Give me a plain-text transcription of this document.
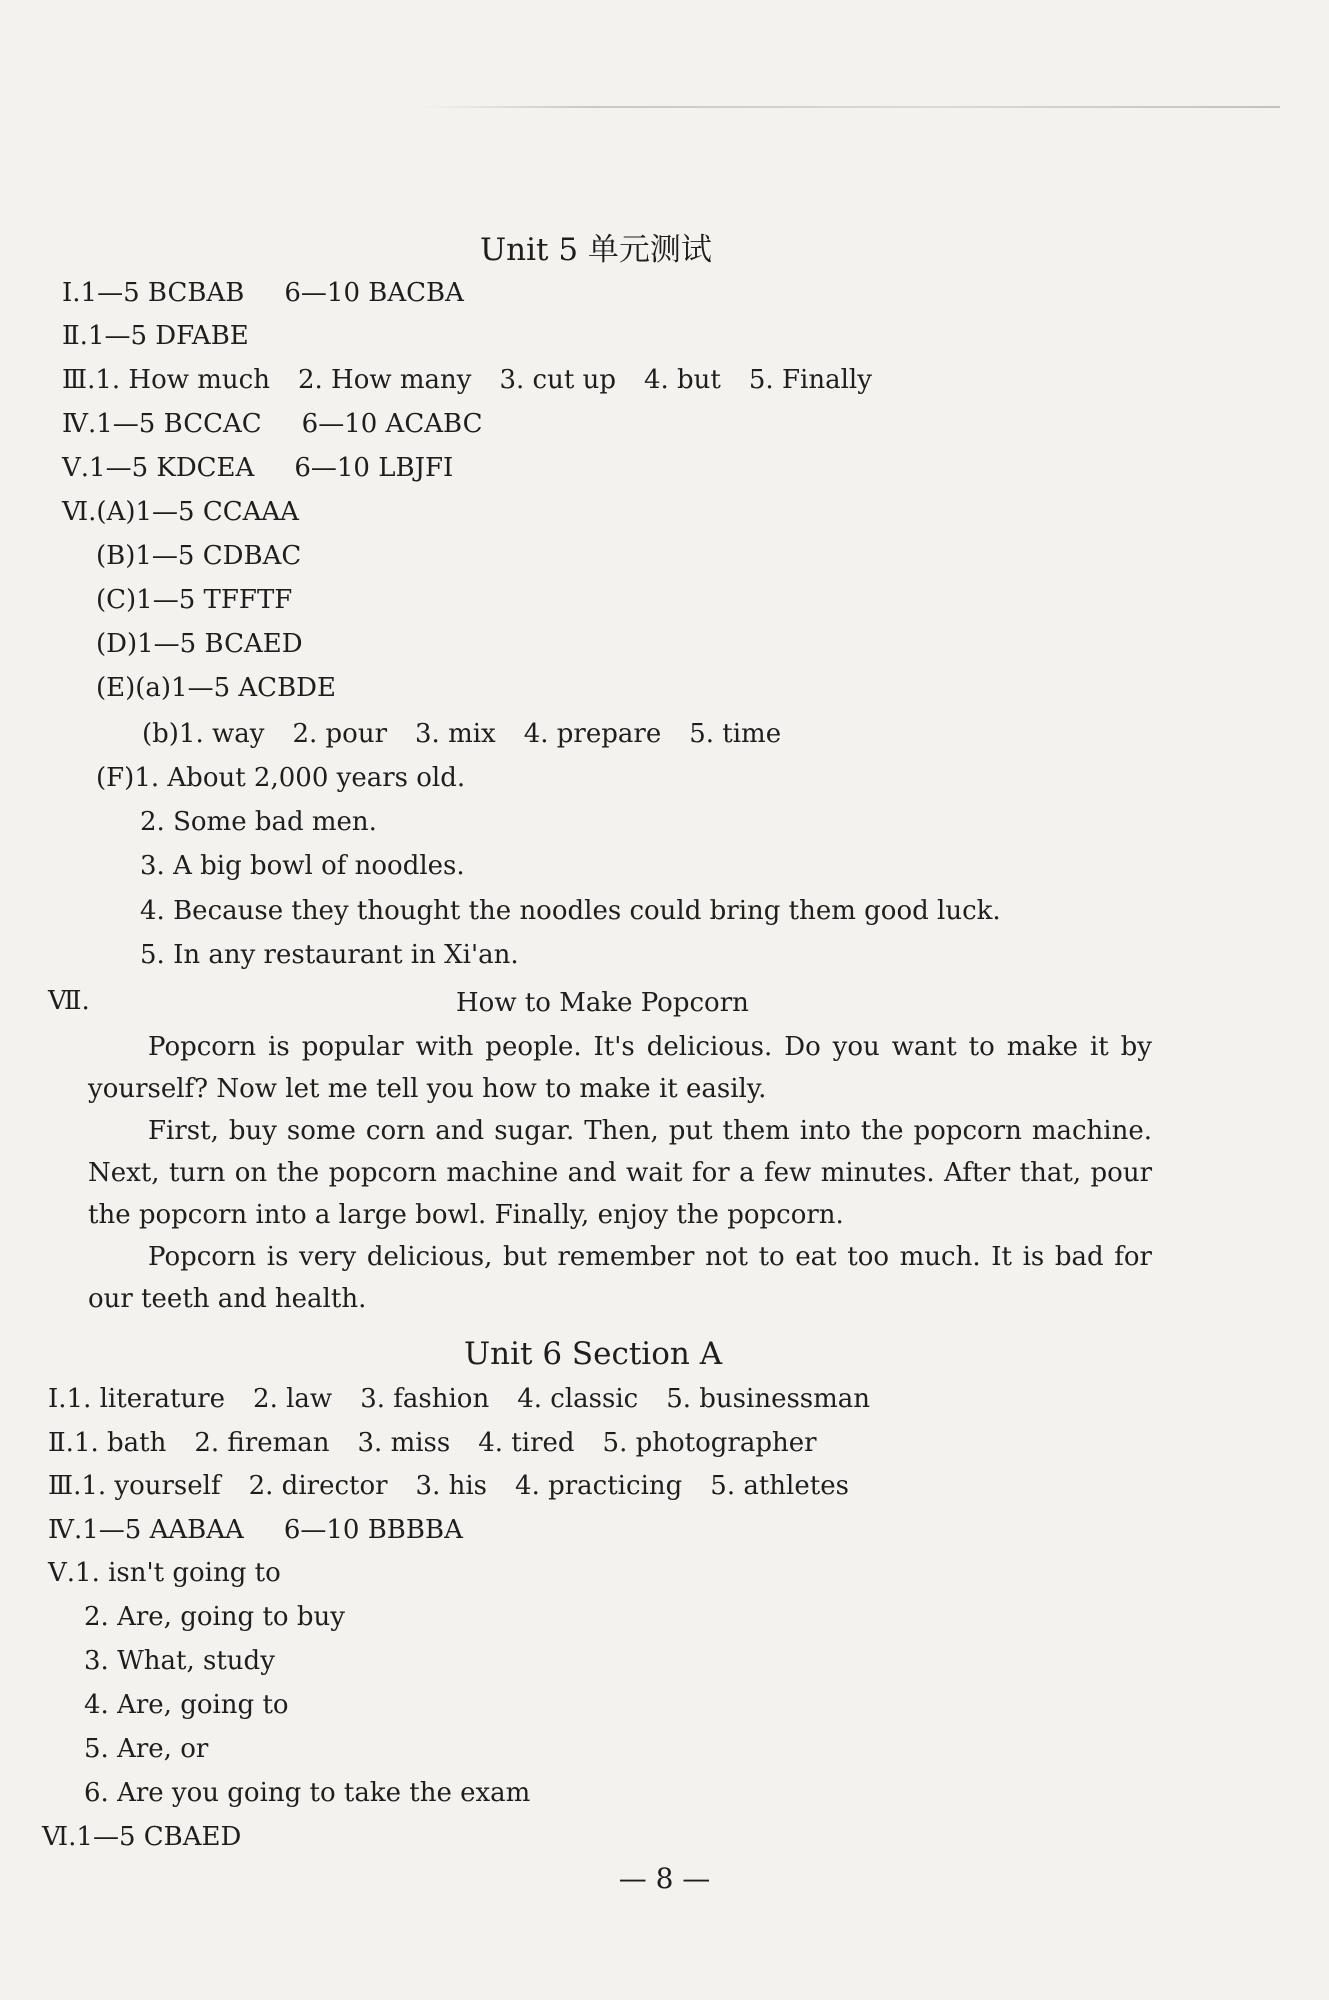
Unit 5 单元测试
Ⅰ.1—5 BCBAB 6—10 BACBA
Ⅱ.1—5 DFABE
Ⅲ.1. How much 2. How many 3. cut up 4. but 5. Finally
Ⅳ.1—5 BCCAC 6—10 ACABC
Ⅴ.1—5 KDCEA 6—10 LBJFI
Ⅵ.(A)1—5 CCAAA
(B)1—5 CDBAC
(C)1—5 TFFTF
(D)1—5 BCAED
(E)(a)1—5 ACBDE
(b)1. way 2. pour 3. mix 4. prepare 5. time
(F)1. About 2,000 years old.
2. Some bad men.
3. A big bowl of noodles.
4. Because they thought the noodles could bring them good luck.
5. In any restaurant in Xi'an.
Ⅶ.	How to Make Popcorn
Popcorn is popular with people. It's delicious. Do you want to make it by yourself? Now let me tell you how to make it easily.
First, buy some corn and sugar. Then, put them into the popcorn machine. Next, turn on the popcorn machine and wait for a few minutes. After that, pour the popcorn into a large bowl. Finally, enjoy the popcorn.
Popcorn is very delicious, but remember not to eat too much. It is bad for our teeth and health.
Unit 6 Section A
Ⅰ.1. literature 2. law 3. fashion 4. classic 5. businessman
Ⅱ.1. bath 2. fireman 3. miss 4. tired 5. photographer
Ⅲ.1. yourself 2. director 3. his 4. practicing 5. athletes
Ⅳ.1—5 AABAA 6—10 BBBBA
Ⅴ.1. isn't going to
2. Are, going to buy
3. What, study
4. Are, going to
5. Are, or
6. Are you going to take the exam
Ⅵ.1—5 CBAED
— 8 —
